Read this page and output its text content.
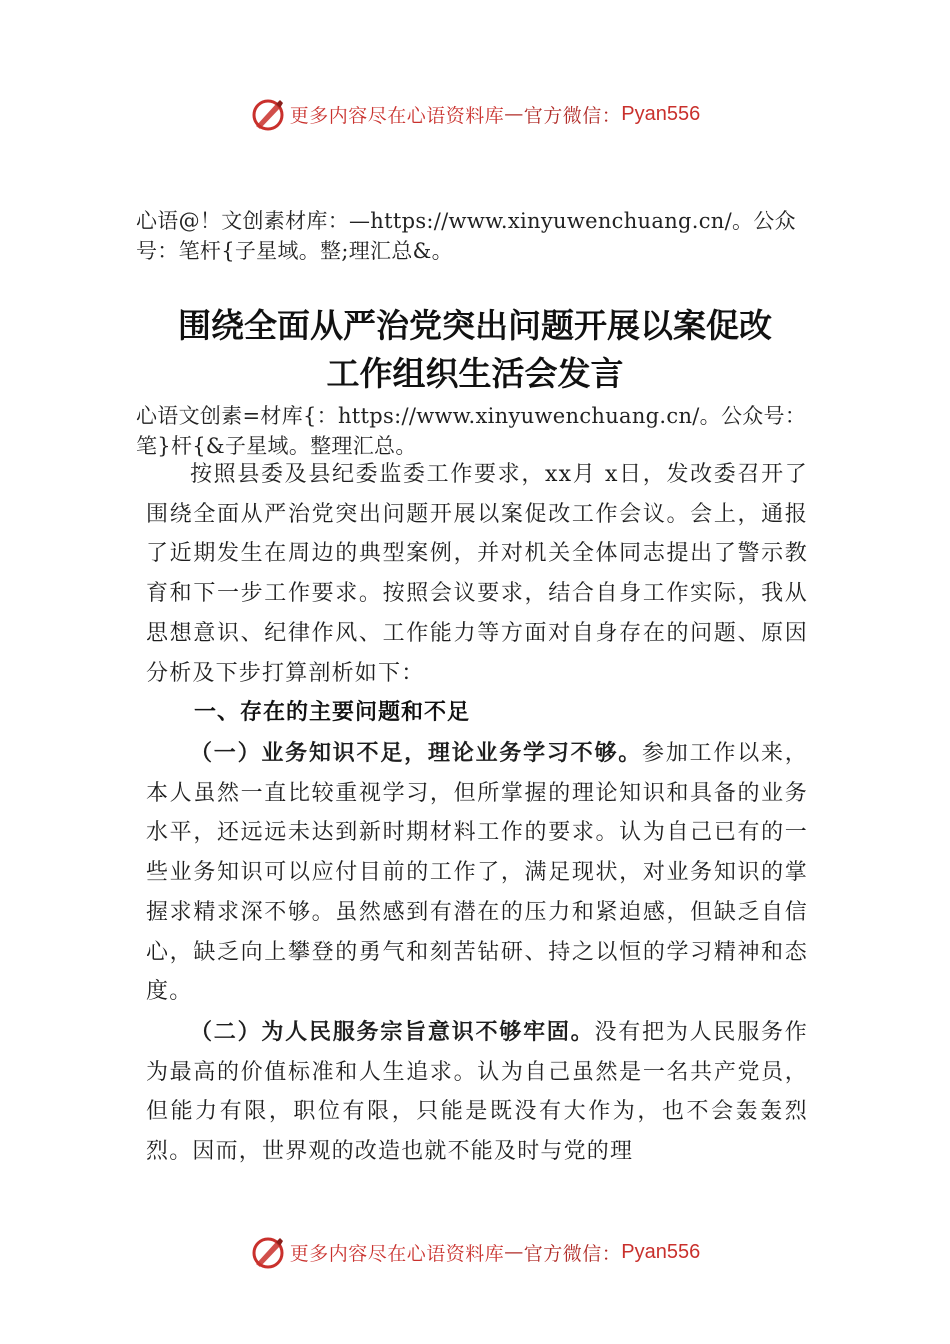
更多内容尽在心语资料库 — 官方微信： Pyan556
心语@！文创素材库：—https://www.xinyuwenchuang.cn/。公众号：笔杆{子星域。整;理汇总&。
围绕全面从严治党突出问题开展以案促改
工作组织生活会发言
心语文创素=材库{：https://www.xinyuwenchuang.cn/。公众号：笔}杆{&子星域。整理汇总。

按照县委及县纪委监委工作要求，xx月 x日，发改委召开了围绕全面从严治党突出问题开展以案促改工作会议。会上，通报了近期发生在周边的典型案例，并对机关全体同志提出了警示教育和下一步工作要求。按照会议要求，结合自身工作实际，我从思想意识、纪律作风、工作能力等方面对自身存在的问题、原因分析及下步打算剖析如下：

一、存在的主要问题和不足

（一）业务知识不足，理论业务学习不够。参加工作以来，本人虽然一直比较重视学习，但所掌握的理论知识和具备的业务水平，还远远未达到新时期材料工作的要求。认为自己已有的一些业务知识可以应付目前的工作了，满足现状，对业务知识的掌握求精求深不够。虽然感到有潜在的压力和紧迫感，但缺乏自信心，缺乏向上攀登的勇气和刻苦钻研、持之以恒的学习精神和态度。

（二）为人民服务宗旨意识不够牢固。没有把为人民服务作为最高的价值标准和人生追求。认为自己虽然是一名共产党员，但能力有限，职位有限，只能是既没有大作为，也不会轰轰烈烈。因而，世界观的改造也就不能及时与党的理

更多内容尽在心语资料库 — 官方微信： Pyan556
